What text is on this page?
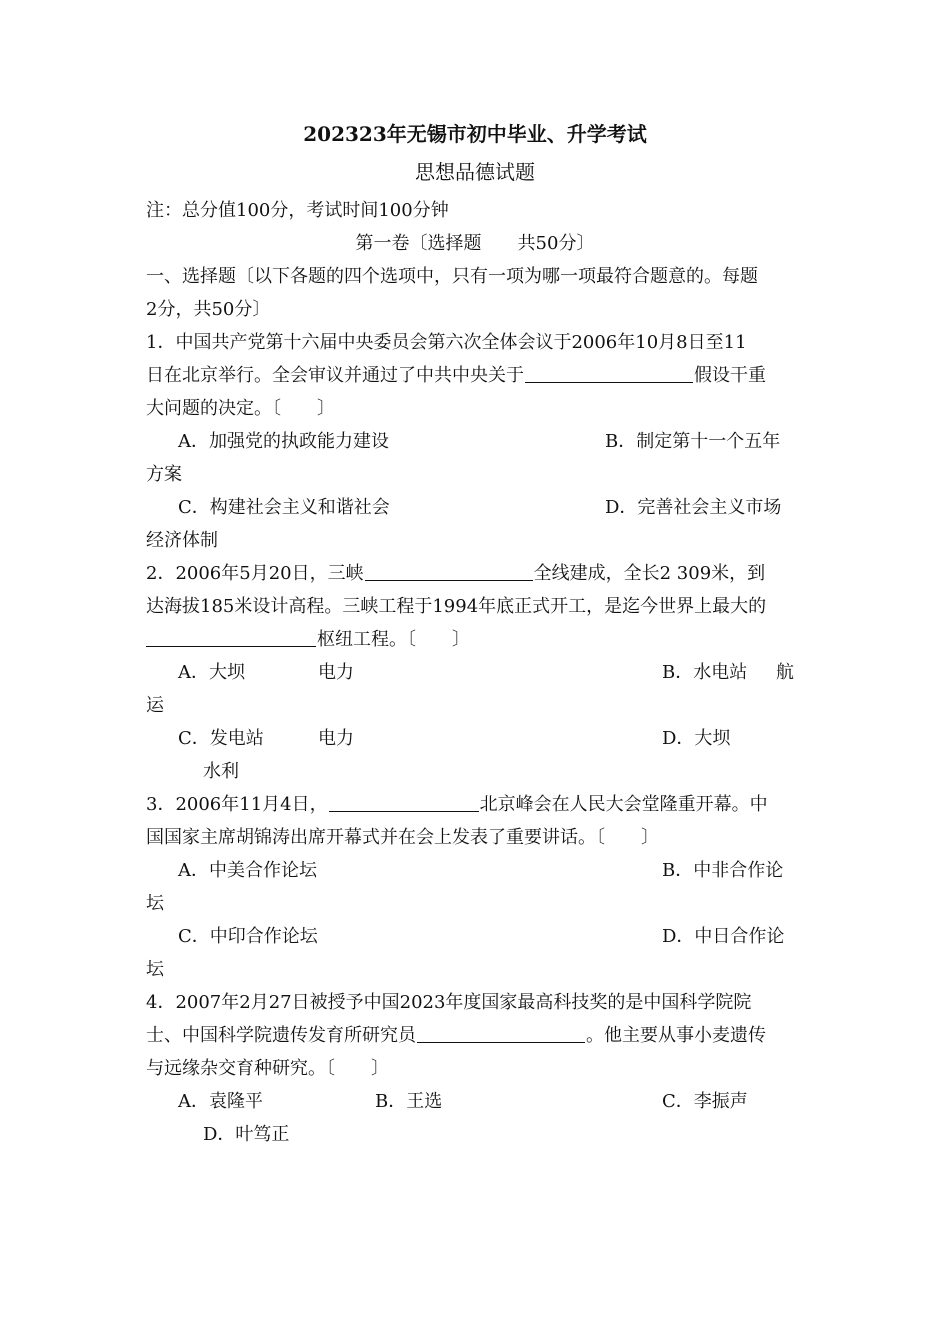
202323年无锡市初中毕业、升学考试
思想品德试题
注：总分值100分，考试时间100分钟
第一卷〔选择题　　共50分〕
一、选择题〔以下各题的四个选项中，只有一项为哪一项最符合题意的。每题
2分，共50分〕
1．中国共产党第十六届中央委员会第六次全体会议于2006年10月8日至11
日在北京举行。全会审议并通过了中共中央关于	假设干重
大问题的决定。〔　　〕
A．加强党的执政能力建设	B．制定第十一个五年
方案
C．构建社会主义和谐社会	D．完善社会主义市场
经济体制
2．2006年5月20日，三峡	全线建成，全长2 309米，到
达海拔185米设计高程。三峡工程于1994年底正式开工，是迄今世界上最大的
枢纽工程。〔　　〕
A．大坝	电力	B．水电站 航
运
C．发电站	电力	D．大坝
水利
3．2006年11月4日，	北京峰会在人民大会堂隆重开幕。中
国国家主席胡锦涛出席开幕式并在会上发表了重要讲话。〔　　〕
A．中美合作论坛	B．中非合作论
坛
C．中印合作论坛	D．中日合作论
坛
4．2007年2月27日被授予中国2023年度国家最高科技奖的是中国科学院院
士、中国科学院遗传发育所研究员	。他主要从事小麦遗传
与远缘杂交育种研究。〔　　〕
A．袁隆平	B．王选	C．李振声
D．叶笃正
